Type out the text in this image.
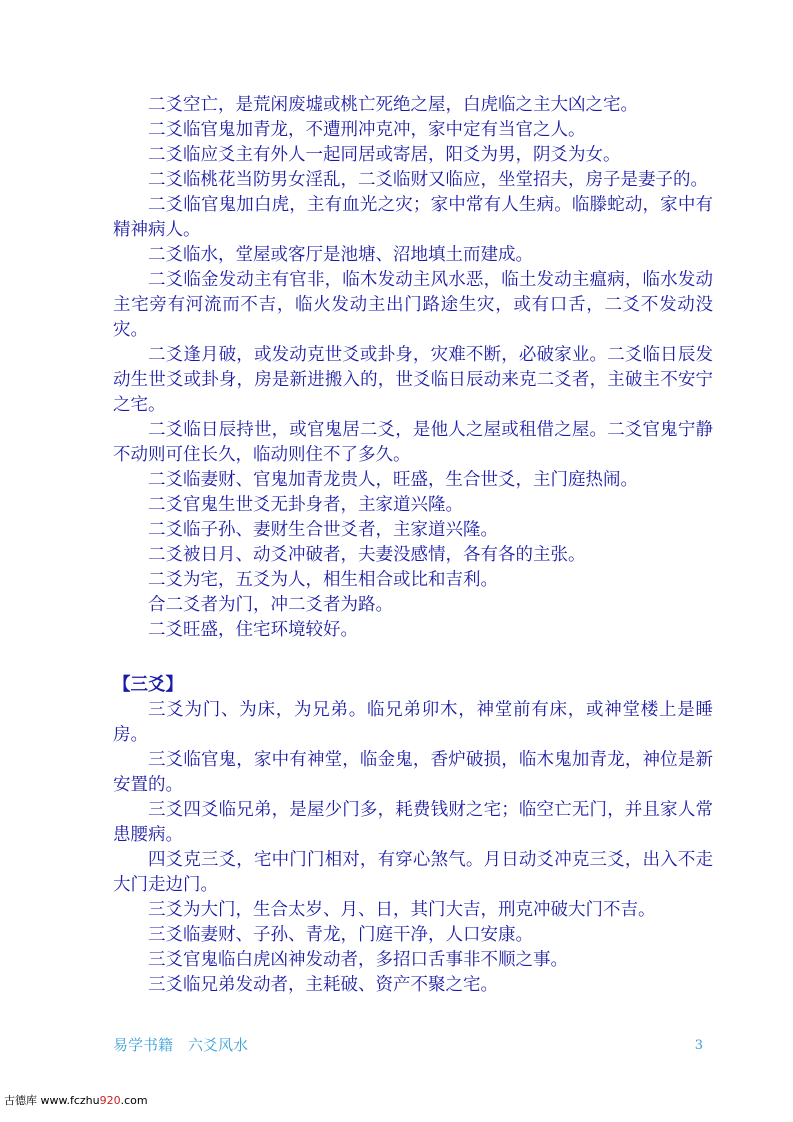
二爻空亡，是荒闲废墟或桃亡死绝之屋，白虎临之主大凶之宅。

二爻临官鬼加青龙，不遭刑冲克冲，家中定有当官之人。

二爻临应爻主有外人一起同居或寄居，阳爻为男，阴爻为女。

二爻临桃花当防男女淫乱，二爻临财又临应，坐堂招夫，房子是妻子的。

二爻临官鬼加白虎，主有血光之灾；家中常有人生病。临滕蛇动，家中有精神病人。

二爻临水，堂屋或客厅是池塘、沼地填土而建成。

二爻临金发动主有官非，临木发动主风水恶，临土发动主瘟病，临水发动主宅旁有河流而不吉，临火发动主出门路途生灾，或有口舌，二爻不发动没灾。

二爻逢月破，或发动克世爻或卦身，灾难不断，必破家业。二爻临日辰发动生世爻或卦身，房是新进搬入的，世爻临日辰动来克二爻者，主破主不安宁之宅。

二爻临日辰持世，或官鬼居二爻，是他人之屋或租借之屋。二爻官鬼宁静不动则可住长久，临动则住不了多久。

二爻临妻财、官鬼加青龙贵人，旺盛，生合世爻，主门庭热闹。

二爻官鬼生世爻无卦身者，主家道兴隆。

二爻临子孙、妻财生合世爻者，主家道兴隆。

二爻被日月、动爻冲破者，夫妻没感情，各有各的主张。

二爻为宅，五爻为人，相生相合或比和吉利。

合二爻者为门，冲二爻者为路。

二爻旺盛，住宅环境较好。

【三爻】

三爻为门、为床，为兄弟。临兄弟卯木，神堂前有床，或神堂楼上是睡房。

三爻临官鬼，家中有神堂，临金鬼，香炉破损，临木鬼加青龙，神位是新安置的。

三爻四爻临兄弟，是屋少门多，耗费钱财之宅；临空亡无门，并且家人常患腰病。

四爻克三爻，宅中门门相对，有穿心煞气。月日动爻冲克三爻，出入不走大门走边门。

三爻为大门，生合太岁、月、日，其门大吉，刑克冲破大门不吉。

三爻临妻财、子孙、青龙，门庭干净，人口安康。

三爻官鬼临白虎凶神发动者，多招口舌事非不顺之事。

三爻临兄弟发动者，主耗破、资产不聚之宅。

易学书籍　六爻风水	3
古德库 www.fczhu920.com
